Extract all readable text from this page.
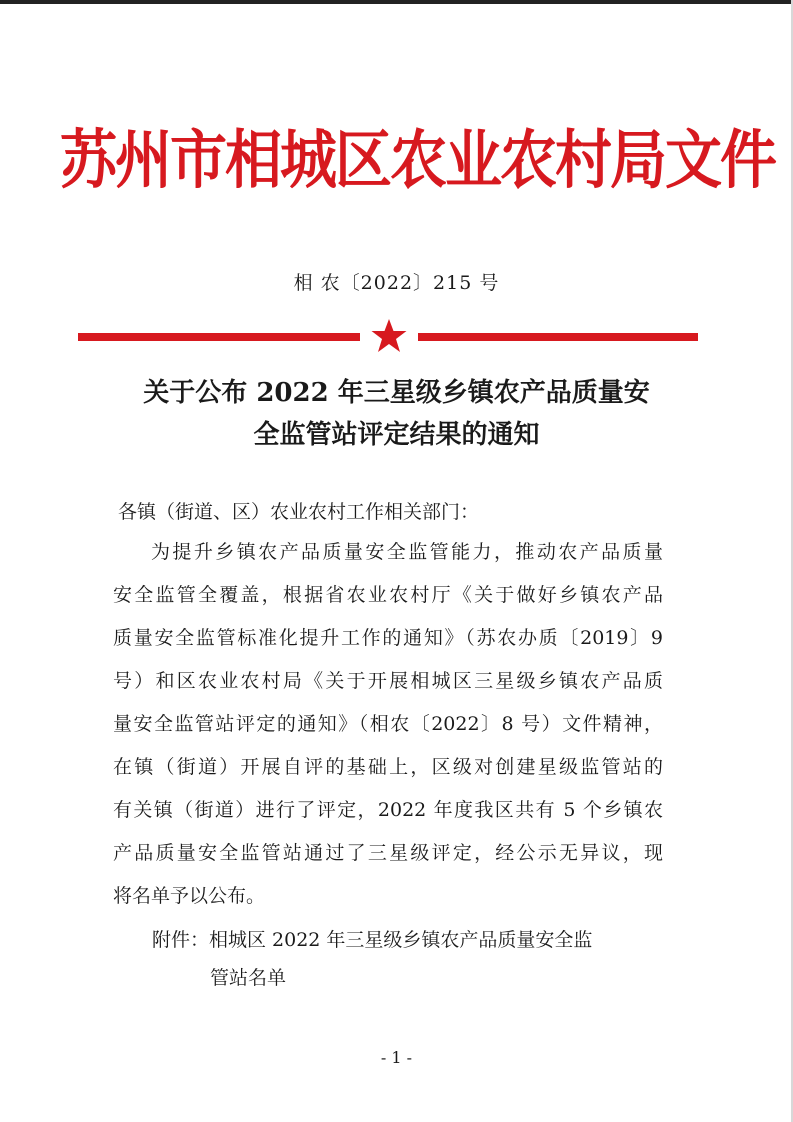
苏州市相城区农业农村局文件
相 农〔2022〕215 号
关于公布 2022 年三星级乡镇农产品质量安
全监管站评定结果的通知
各镇（街道、区）农业农村工作相关部门：
为提升乡镇农产品质量安全监管能力，推动农产品质量
安全监管全覆盖，根据省农业农村厅《关于做好乡镇农产品
质量安全监管标准化提升工作的通知》（苏农办质〔2019〕9
号）和区农业农村局《关于开展相城区三星级乡镇农产品质
量安全监管站评定的通知》（相农〔2022〕8 号）文件精神，
在镇（街道）开展自评的基础上，区级对创建星级监管站的
有关镇（街道）进行了评定，2022 年度我区共有 5 个乡镇农
产品质量安全监管站通过了三星级评定，经公示无异议，现
将名单予以公布。
附件：相城区 2022 年三星级乡镇农产品质量安全监
管站名单
- 1 -
